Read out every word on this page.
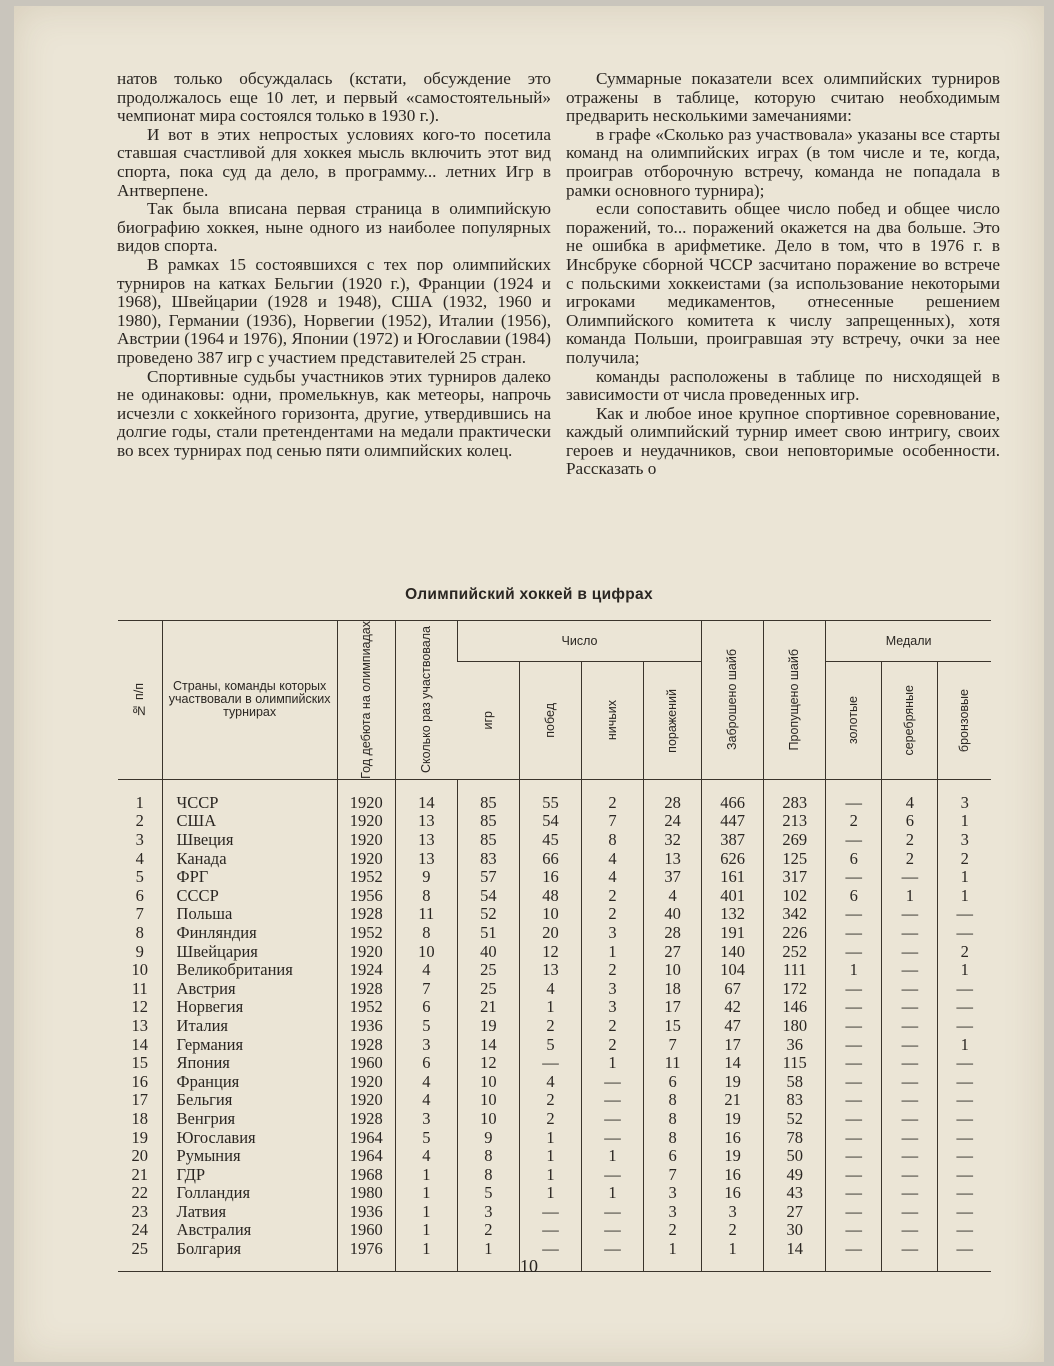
натов только обсуждалась (кстати, обсуждение это продолжалось еще 10 лет, и первый «самостоятельный» чемпионат мира состоялся только в 1930 г.).

И вот в этих непростых условиях кого-то посетила ставшая счастливой для хоккея мысль включить этот вид спорта, пока суд да дело, в программу... летних Игр в Антверпене.

Так была вписана первая страница в олимпийскую биографию хоккея, ныне одного из наиболее популярных видов спорта.

В рамках 15 состоявшихся с тех пор олимпийских турниров на катках Бельгии (1920 г.), Франции (1924 и 1968), Швейцарии (1928 и 1948), США (1932, 1960 и 1980), Германии (1936), Норвегии (1952), Италии (1956), Австрии (1964 и 1976), Японии (1972) и Югославии (1984) проведено 387 игр с участием представителей 25 стран.

Спортивные судьбы участников этих турниров далеко не одинаковы: одни, промелькнув, как метеоры, напрочь исчезли с хоккейного горизонта, другие, утвердившись на долгие годы, стали претендентами на медали практически во всех турнирах под сенью пяти олимпийских колец.

Суммарные показатели всех олимпийских турниров отражены в таблице, которую считаю необходимым предварить несколькими замечаниями:

в графе «Сколько раз участвовала» указаны все старты команд на олимпийских играх (в том числе и те, когда, проиграв отборочную встречу, команда не попадала в рамки основного турнира);

если сопоставить общее число побед и общее число поражений, то... поражений окажется на два больше. Это не ошибка в арифметике. Дело в том, что в 1976 г. в Инсбруке сборной ЧССР засчитано поражение во встрече с польскими хоккеистами (за использование некоторыми игроками медикаментов, отнесенные решением Олимпийского комитета к числу запрещенных), хотя команда Польши, проигравшая эту встречу, очки за нее получила;

команды расположены в таблице по нисходящей в зависимости от числа проведенных игр.

Как и любое иное крупное спортивное соревнование, каждый олимпийский турнир имеет свою интригу, своих героев и неудачников, свои неповторимые особенности. Рассказать о

Олимпийский хоккей в цифрах
№ п/п	Страны, команды которых участвовали в олимпийских турнирах	Год дебюта на олимпиадах	Сколько раз участвовала	Число				Заброшено шайб	Пропущено шайб	Медали		

				игр	побед	ничьих	поражений			золотые	серебряные	бронзовые

1	ЧССР	1920	14	85	55	2	28	466	283	—	4	3
2	США	1920	13	85	54	7	24	447	213	2	6	1
3	Швеция	1920	13	85	45	8	32	387	269	—	2	3
4	Канада	1920	13	83	66	4	13	626	125	6	2	2
5	ФРГ	1952	9	57	16	4	37	161	317	—	—	1
6	СССР	1956	8	54	48	2	4	401	102	6	1	1
7	Польша	1928	11	52	10	2	40	132	342	—	—	—
8	Финляндия	1952	8	51	20	3	28	191	226	—	—	—
9	Швейцария	1920	10	40	12	1	27	140	252	—	—	2
10	Великобритания	1924	4	25	13	2	10	104	111	1	—	1
11	Австрия	1928	7	25	4	3	18	67	172	—	—	—
12	Норвегия	1952	6	21	1	3	17	42	146	—	—	—
13	Италия	1936	5	19	2	2	15	47	180	—	—	—
14	Германия	1928	3	14	5	2	7	17	36	—	—	1
15	Япония	1960	6	12	—	1	11	14	115	—	—	—
16	Франция	1920	4	10	4	—	6	19	58	—	—	—
17	Бельгия	1920	4	10	2	—	8	21	83	—	—	—
18	Венгрия	1928	3	10	2	—	8	19	52	—	—	—
19	Югославия	1964	5	9	1	—	8	16	78	—	—	—
20	Румыния	1964	4	8	1	1	6	19	50	—	—	—
21	ГДР	1968	1	8	1	—	7	16	49	—	—	—
22	Голландия	1980	1	5	1	1	3	16	43	—	—	—
23	Латвия	1936	1	3	—	—	3	3	27	—	—	—
24	Австралия	1960	1	2	—	—	2	2	30	—	—	—
25	Болгария	1976	1	1	—	—	1	1	14	—	—	—
10
